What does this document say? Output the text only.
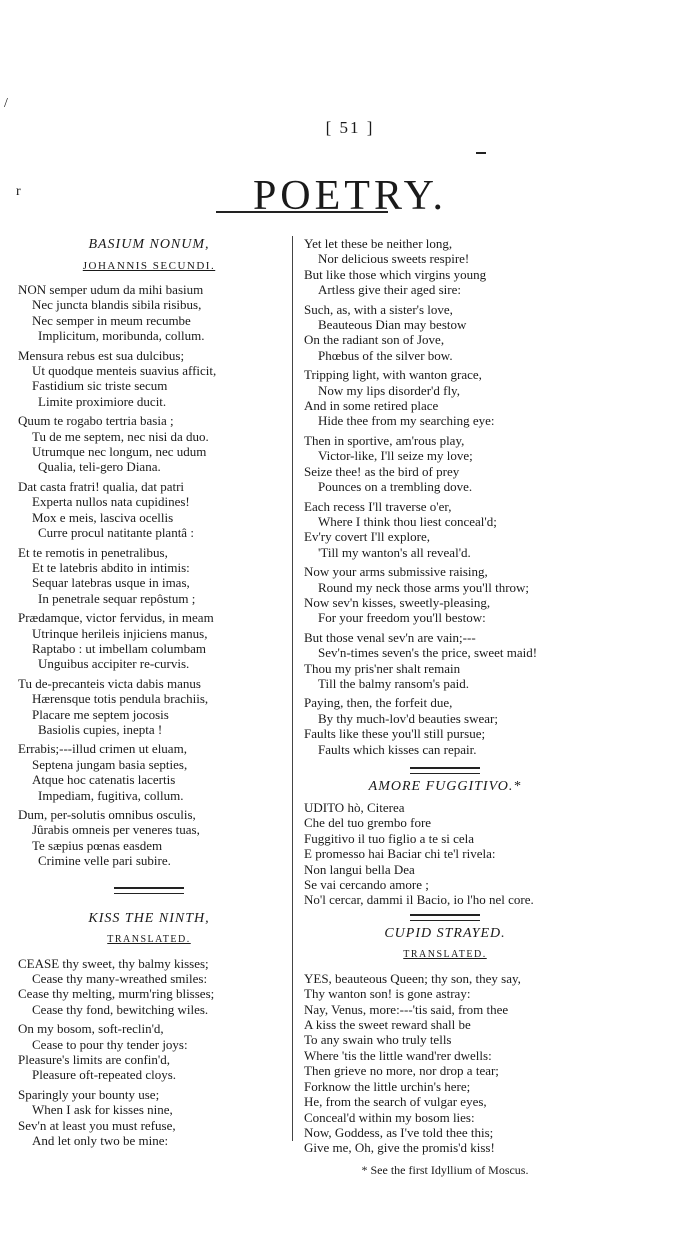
/
r
[ 51 ]
POETRY.

BASIUM NONUM,

JOHANNIS SECUNDI.

NON semper udum da mihi basium
Nec juncta blandis sibila risibus,
Nec semper in meum recumbe
Implicitum, moribunda, collum.
Mensura rebus est sua dulcibus;
Ut quodque menteis suavius afficit,
Fastidium sic triste secum
Limite proximiore ducit.
Quum te rogabo tertria basia ;
Tu de me septem, nec nisi da duo.
Utrumque nec longum, nec udum
Qualia, teli-gero Diana.
Dat casta fratri! qualia, dat patri
Experta nullos nata cupidines!
Mox e meis, lasciva ocellis
Curre procul natitante plantâ :
Et te remotis in penetralibus,
Et te latebris abdito in intimis:
Sequar latebras usque in imas,
In penetrale sequar repôstum ;
Prædamque, victor fervidus, in meam
Utrinque herileis injiciens manus,
Raptabo : ut imbellam columbam
Unguibus accipiter re-curvis.
Tu de-precanteis victa dabis manus
Hærensque totis pendula brachiis,
Placare me septem jocosis
Basiolis cupies, inepta !
Errabis;---illud crimen ut eluam,
Septena jungam basia septies,
Atque hoc catenatis lacertis
Impediam, fugitiva, collum.
Dum, per-solutis omnibus osculis,
Jûrabis omneis per veneres tuas,
Te sæpius pœnas easdem
Crimine velle pari subire.

KISS THE NINTH,

TRANSLATED.

CEASE thy sweet, thy balmy kisses;
Cease thy many-wreathed smiles:
Cease thy melting, murm'ring blisses;
Cease thy fond, bewitching wiles.
On my bosom, soft-reclin'd,
Cease to pour thy tender joys:
Pleasure's limits are confin'd,
Pleasure oft-repeated cloys.
Sparingly your bounty use;
When I ask for kisses nine,
Sev'n at least you must refuse,
And let only two be mine:
Yet let these be neither long,
Nor delicious sweets respire!
But like those which virgins young
Artless give their aged sire:
Such, as, with a sister's love,
Beauteous Dian may bestow
On the radiant son of Jove,
Phœbus of the silver bow.
Tripping light, with wanton grace,
Now my lips disorder'd fly,
And in some retired place
Hide thee from my searching eye:
Then in sportive, am'rous play,
Victor-like, I'll seize my love;
Seize thee! as the bird of prey
Pounces on a trembling dove.
Each recess I'll traverse o'er,
Where I think thou liest conceal'd;
Ev'ry covert I'll explore,
'Till my wanton's all reveal'd.
Now your arms submissive raising,
Round my neck those arms you'll throw;
Now sev'n kisses, sweetly-pleasing,
For your freedom you'll bestow:
But those venal sev'n are vain;---
Sev'n-times seven's the price, sweet maid!
Thou my pris'ner shalt remain
Till the balmy ransom's paid.
Paying, then, the forfeit due,
By thy much-lov'd beauties swear;
Faults like these you'll still pursue;
Faults which kisses can repair.

AMORE FUGGITIVO.*

UDITO hò, Citerea
Che del tuo grembo fore
Fuggitivo il tuo figlio a te si cela
E promesso hai Baciar chi te'l rivela:
Non langui bella Dea
Se vai cercando amore ;
No'l cercar, dammi il Bacio, io l'ho nel core.

CUPID STRAYED.

TRANSLATED.

YES, beauteous Queen; thy son, they say,
Thy wanton son! is gone astray:
Nay, Venus, more:---'tis said, from thee
A kiss the sweet reward shall be
To any swain who truly tells
Where 'tis the little wand'rer dwells:
Then grieve no more, nor drop a tear;
Forknow the little urchin's here;
He, from the search of vulgar eyes,
Conceal'd within my bosom lies:
Now, Goddess, as I've told thee this;
Give me, Oh, give the promis'd kiss!
* See the first Idyllium of Moscus.
